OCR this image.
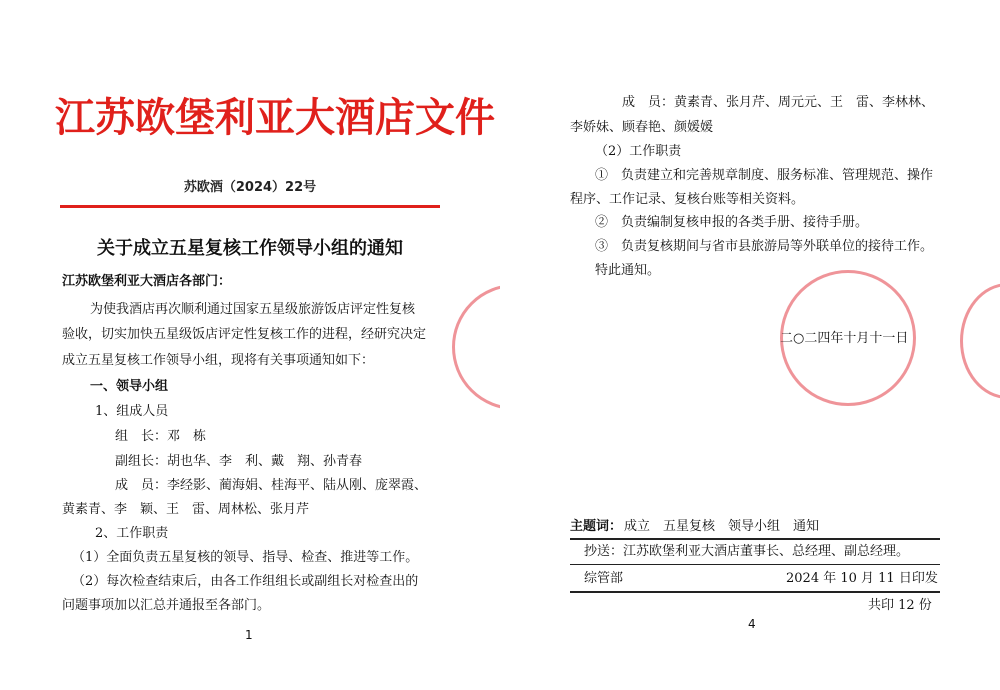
江苏欧堡利亚大酒店文件
苏欧酒（2024）22号
关于成立五星复核工作领导小组的通知
江苏欧堡利亚大酒店各部门：
为使我酒店再次顺利通过国家五星级旅游饭店评定性复核
验收，切实加快五星级饭店评定性复核工作的进程，经研究决定
成立五星复核工作领导小组，现将有关事项通知如下：
一、领导小组
1、组成人员
组　长：邓　栋
副组长：胡也华、李　利、戴　翔、孙青春
成　员：李经影、蔺海娟、桂海平、陆从刚、庞翠霞、
黄素青、李　颖、王　雷、周林松、张月芹
2、工作职责
（1）全面负责五星复核的领导、指导、检查、推进等工作。
（2）每次检查结束后，由各工作组组长或副组长对检查出的
问题事项加以汇总并通报至各部门。
1
成　员：黄素青、张月芹、周元元、王　雷、李林林、
李娇妹、顾春艳、颜媛媛
（2）工作职责
①　负责建立和完善规章制度、服务标准、管理规范、操作
程序、工作记录、复核台账等相关资料。
②　负责编制复核申报的各类手册、接待手册。
③　负责复核期间与省市县旅游局等外联单位的接待工作。
特此通知。
二○二四年十月十一日
主题词： 成立　五星复核　领导小组　通知
抄送：江苏欧堡利亚大酒店董事长、总经理、副总经理。
综管部	2024 年 10 月 11 日印发
共印 12 份
4
